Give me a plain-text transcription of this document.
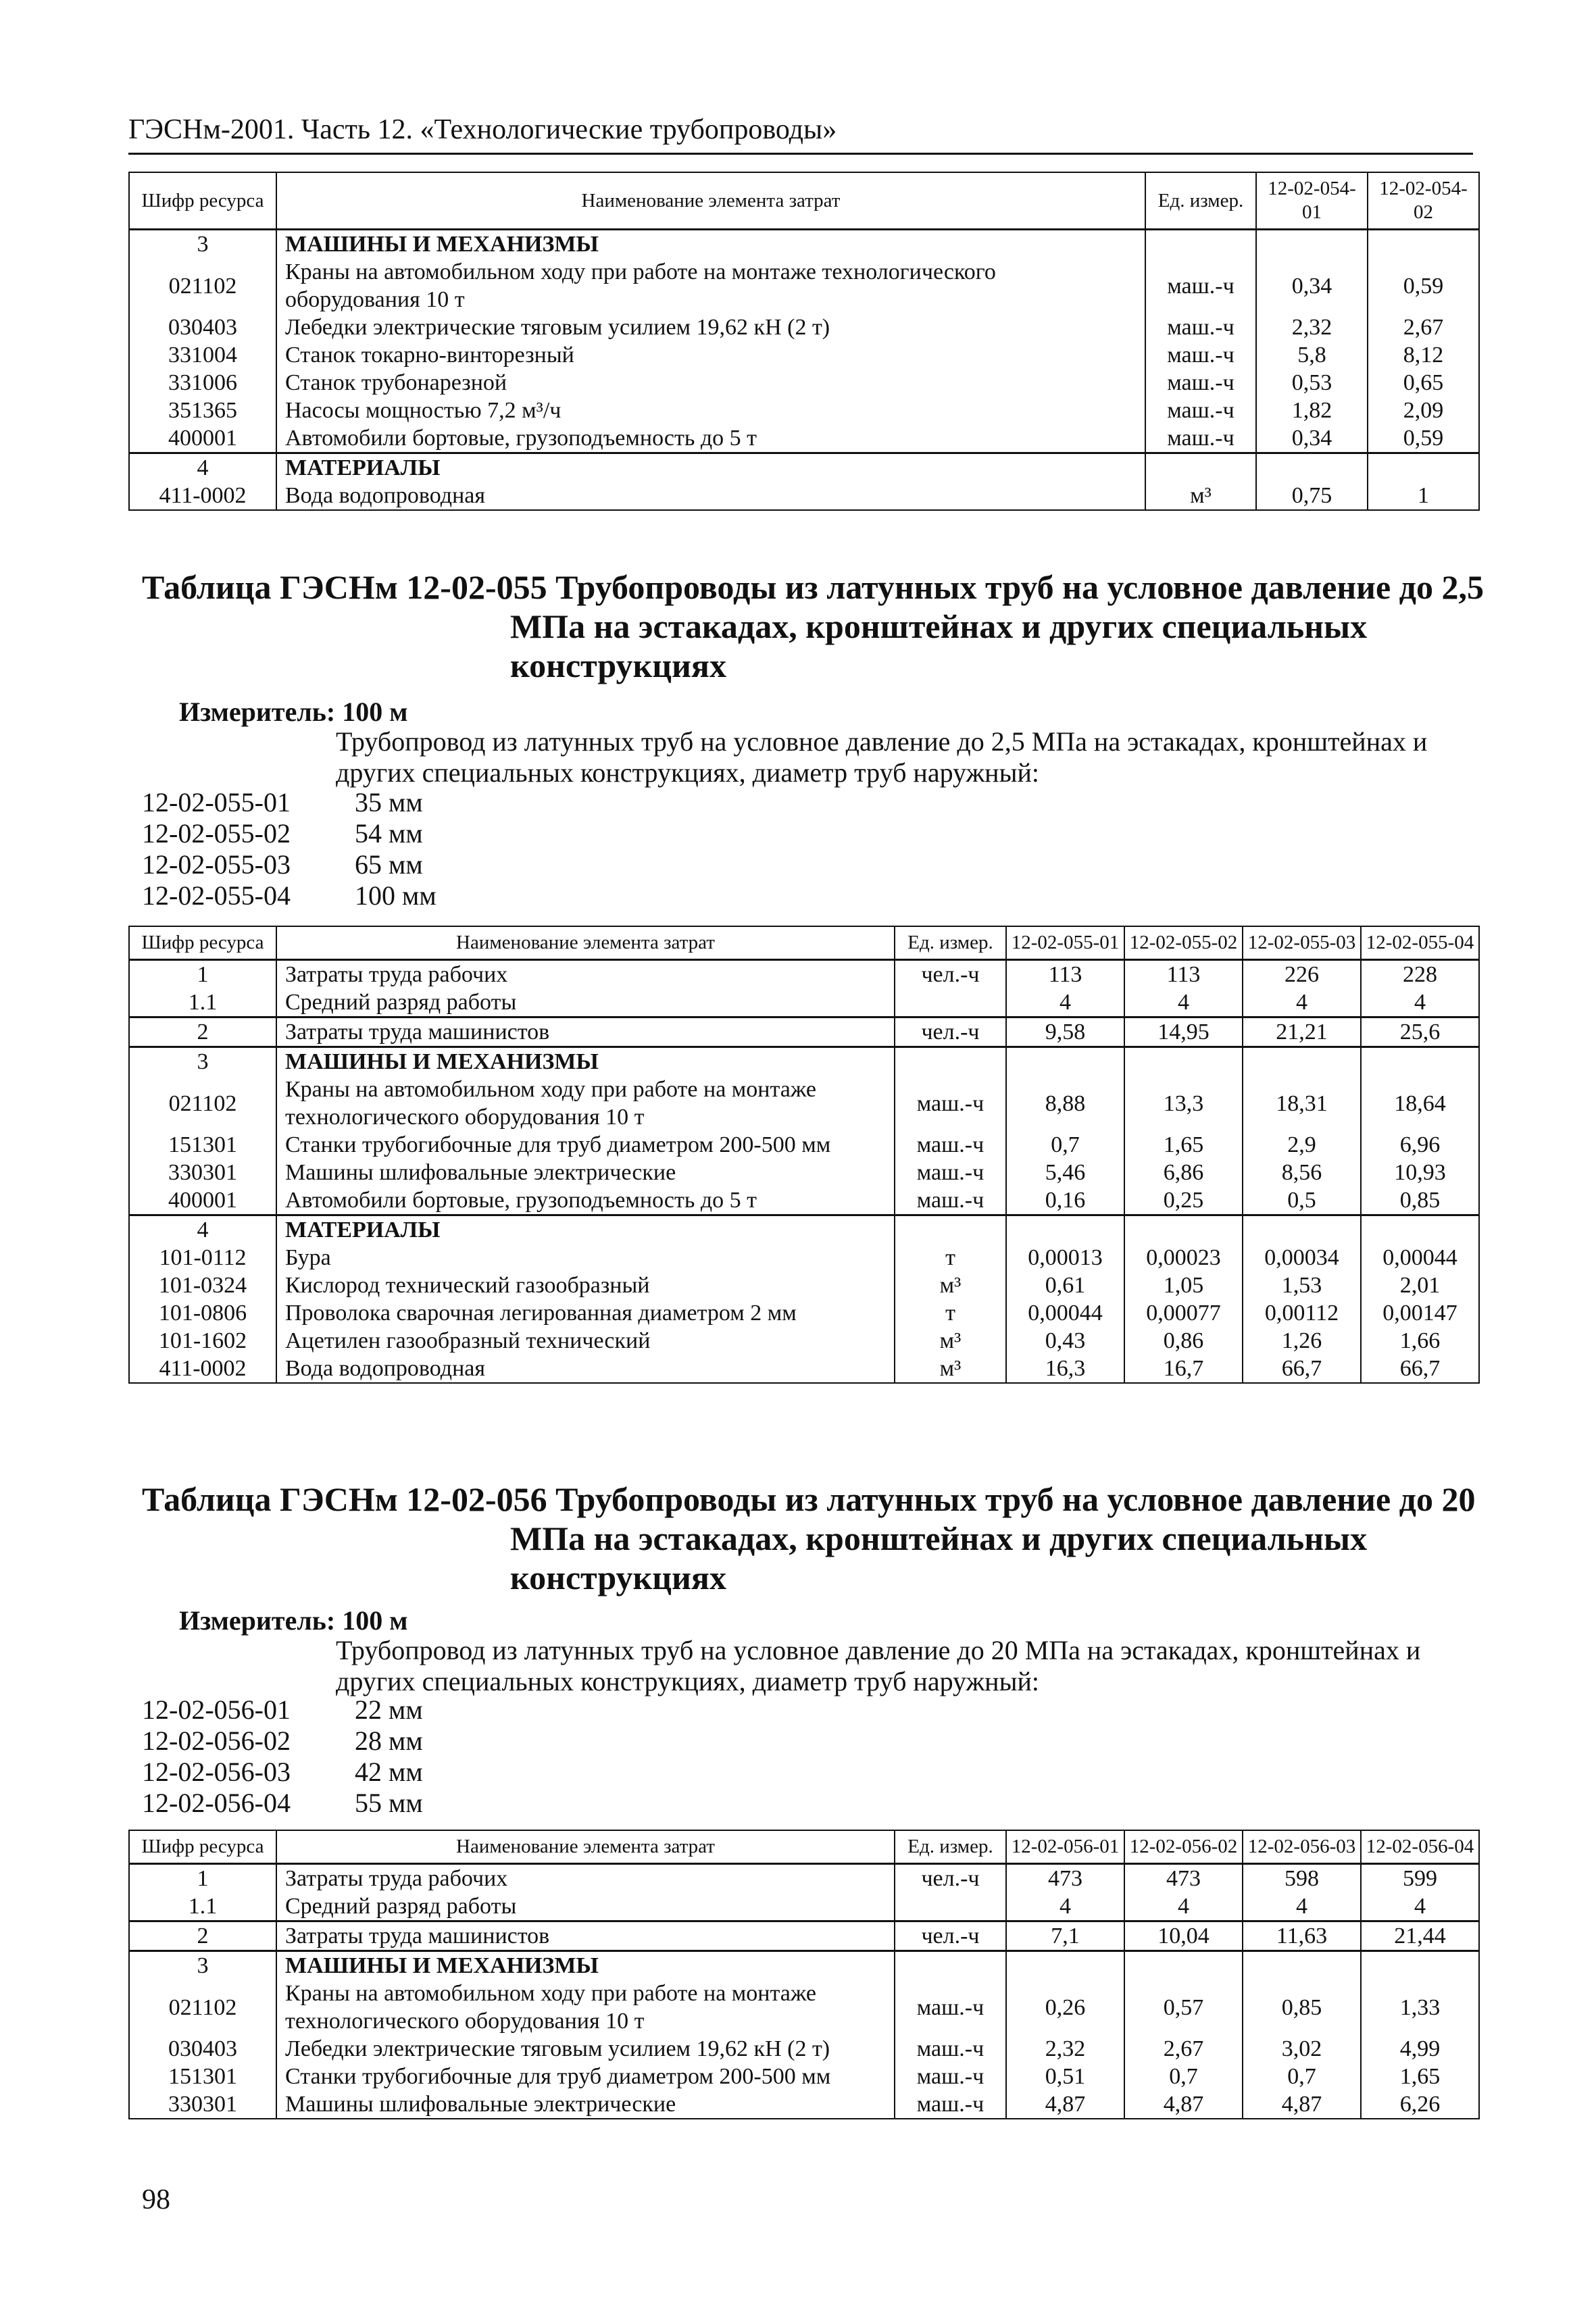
ГЭСНм-2001. Часть 12. «Технологические трубопроводы»
Шифр ресурса	Наименование элемента затрат	Ед. измер.	12-02-054-01	12-02-054-02
3	МАШИНЫ И МЕХАНИЗМЫ			
021102	Краны на автомобильном ходу при работе на монтаже технологического оборудования 10 т	маш.-ч	0,34	0,59
030403	Лебедки электрические тяговым усилием 19,62 кН (2 т)	маш.-ч	2,32	2,67
331004	Станок токарно-винторезный	маш.-ч	5,8	8,12
331006	Станок трубонарезной	маш.-ч	0,53	0,65
351365	Насосы мощностью 7,2 м³/ч	маш.-ч	1,82	2,09
400001	Автомобили бортовые, грузоподъемность до 5 т	маш.-ч	0,34	0,59
4	МАТЕРИАЛЫ			
411-0002	Вода водопроводная	м³	0,75	1
Таблица ГЭСНм 12-02-055 Трубопроводы из латунных труб на условное давление до 2,5
МПа на эстакадах, кронштейнах и других специальных
конструкциях
Измеритель: 100 м
Трубопровод из латунных труб на условное давление до 2,5 МПа на эстакадах, кронштейнах и других специальных конструкциях, диаметр труб наружный:
12-02-055-01	35 мм
12-02-055-02	54 мм
12-02-055-03	65 мм
12-02-055-04	100 мм
Шифр ресурса	Наименование элемента затрат	Ед. измер.	12-02-055-01	12-02-055-02	12-02-055-03	12-02-055-04
1	Затраты труда рабочих	чел.-ч	113	113	226	228
1.1	Средний разряд работы		4	4	4	4
2	Затраты труда машинистов	чел.-ч	9,58	14,95	21,21	25,6
3	МАШИНЫ И МЕХАНИЗМЫ					
021102	Краны на автомобильном ходу при работе на монтаже технологического оборудования 10 т	маш.-ч	8,88	13,3	18,31	18,64
151301	Станки трубогибочные для труб диаметром 200-500 мм	маш.-ч	0,7	1,65	2,9	6,96
330301	Машины шлифовальные электрические	маш.-ч	5,46	6,86	8,56	10,93
400001	Автомобили бортовые, грузоподъемность до 5 т	маш.-ч	0,16	0,25	0,5	0,85
4	МАТЕРИАЛЫ					
101-0112	Бура	т	0,00013	0,00023	0,00034	0,00044
101-0324	Кислород технический газообразный	м³	0,61	1,05	1,53	2,01
101-0806	Проволока сварочная легированная диаметром 2 мм	т	0,00044	0,00077	0,00112	0,00147
101-1602	Ацетилен газообразный технический	м³	0,43	0,86	1,26	1,66
411-0002	Вода водопроводная	м³	16,3	16,7	66,7	66,7
Таблица ГЭСНм 12-02-056 Трубопроводы из латунных труб на условное давление до 20
МПа на эстакадах, кронштейнах и других специальных
конструкциях
Измеритель: 100 м
Трубопровод из латунных труб на условное давление до 20 МПа на эстакадах, кронштейнах и других специальных конструкциях, диаметр труб наружный:
12-02-056-01	22 мм
12-02-056-02	28 мм
12-02-056-03	42 мм
12-02-056-04	55 мм
Шифр ресурса	Наименование элемента затрат	Ед. измер.	12-02-056-01	12-02-056-02	12-02-056-03	12-02-056-04
1	Затраты труда рабочих	чел.-ч	473	473	598	599
1.1	Средний разряд работы		4	4	4	4
2	Затраты труда машинистов	чел.-ч	7,1	10,04	11,63	21,44
3	МАШИНЫ И МЕХАНИЗМЫ					
021102	Краны на автомобильном ходу при работе на монтаже технологического оборудования 10 т	маш.-ч	0,26	0,57	0,85	1,33
030403	Лебедки электрические тяговым усилием 19,62 кН (2 т)	маш.-ч	2,32	2,67	3,02	4,99
151301	Станки трубогибочные для труб диаметром 200-500 мм	маш.-ч	0,51	0,7	0,7	1,65
330301	Машины шлифовальные электрические	маш.-ч	4,87	4,87	4,87	6,26
98
